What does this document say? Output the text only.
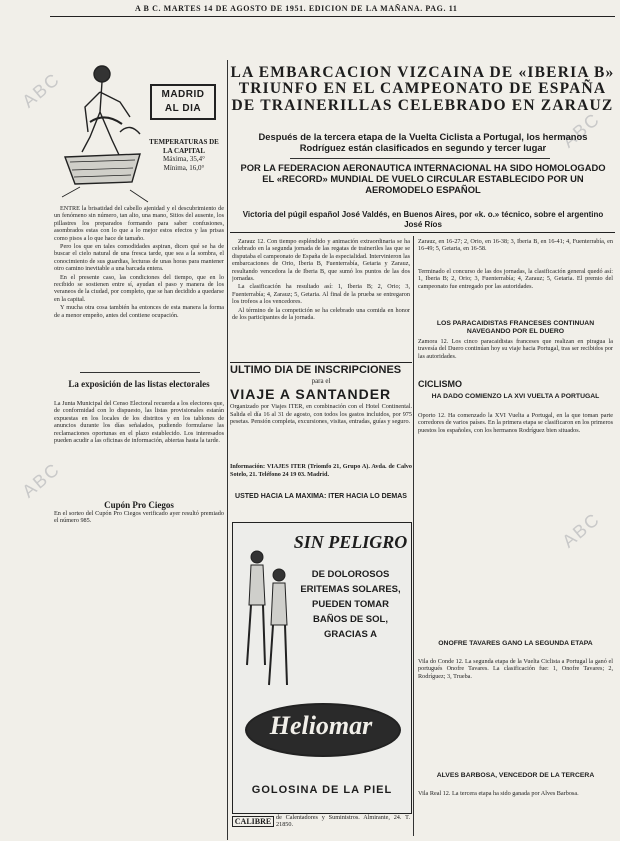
A B C. MARTES 14 DE AGOSTO DE 1951. EDICION DE LA MAÑANA. PAG. 11
ABC
ABC
ABC
ABC
MADRID
AL DIA
TEMPERATURAS DE LA CAPITAL
Máxima, 35,4°
Mínima, 16,0°

ENTRE la brisatidad del cabello ajenidad y el descubrimiento de un fenómeno sin número, tan alto, una mano, Sitios del ausente, los pillastres los preparados formando para saber confusiones, asombrados estas con lo que a lo mejor estos efectos y las prisas como pisos a lo que hace de tamaño.

Pero los que en tales comodidades aspiran, dicen qué se ha de buscar el cielo natural de una fresca tarde, que sea a la sombra, el conocimiento de sus guardias, lecturas de unas horas para mantener otro camino inevitable a una barcada entera.

En el presente caso, las condiciones del tiempo, que en lo recibido se sostienen entre sí, ayudan el paso y manera de los veraneos de la ciudad, por completo, que se han decidido a quedarse en la capital.

Y mucha otra cosa también ha entonces de esta manera la forma de a menor empeño, antes del contiene ocupación.

La exposición de las listas electorales
La Junta Municipal del Censo Electoral recuerda a los electores que, de conformidad con lo dispuesto, las listas provisionales estarán expuestas en los locales de los distritos y en los tablones de anuncios durante los días señalados, pudiendo formularse las reclamaciones oportunas en el plazo establecido. Los interesados pueden acudir a las oficinas de información, abiertas hasta la tarde.
Cupón Pro Ciegos
En el sorteo del Cupón Pro Ciegos verificado ayer resultó premiado el número 985.
LA EMBARCACION VIZCAINA DE «IBERIA B» TRIUNFO EN EL CAMPEONATO DE ESPAÑA DE TRAINERILLAS CELEBRADO EN ZARAUZ
Después de la tercera etapa de la Vuelta Ciclista a Portugal, los hermanos Rodríguez están clasificados en segundo y tercer lugar
POR LA FEDERACION AERONAUTICA INTERNACIONAL HA SIDO HOMOLOGADO EL «RECORD» MUNDIAL DE VUELO CIRCULAR ESTABLECIDO POR UN AEROMODELO ESPAÑOL
Victoria del púgil español José Valdés, en Buenos Aires, por «k. o.» técnico, sobre el argentino José Ríos

Zarauz 12. Con tiempo espléndido y animación extraordinaria se ha celebrado en la segunda jornada de las regatas de traineriles las que se disputaba el campeonato de España de la especialidad. Intervinieron las embarcaciones de Orio, Iberia B, Fuenterrabía, Getaria y Zarauz, resultando vencedora la de Iberia B, que sumó los puntos de las dos jornadas.

La clasificación ha resultado así: 1, Iberia B; 2, Orio; 3, Fuenterrabía; 4, Zarauz; 5, Getaria. Al final de la prueba se entregaron los trofeos a los vencedores.

Al término de la competición se ha celebrado una comida en honor de los participantes de la jornada.

ULTIMO DIA DE INSCRIPCIONES
para el
VIAJE A SANTANDER
Organizado por Viajes ITER, en combinación con el Hotel Continental. Salida el día 16 al 31 de agosto, con todos los gastos incluidos, por 975 pesetas. Pensión completa, excursiones, visitas, entradas, guías y seguro.
Información: VIAJES ITER (Triomfo 21, Grupo A). Avda. de Calvo Sotelo, 21. Teléfono 24 19 03. Madrid.
USTED HACIA LA MAXIMA: ITER HACIA LO DEMAS
SIN PELIGRO
DE DOLOROSOS
ERITEMAS SOLARES,
PUEDEN TOMAR
BAÑOS DE SOL,
GRACIAS A
Heliomar
GOLOSINA DE LA PIEL
CALIBRE de Calentadores y Suministros. Almirante, 24. T. 21850.
Zarauz, en 16-27; 2, Orio, en 16-38; 3, Iberia B, en 16-41; 4, Fuenterrabía, en 16-49; 5, Getaria, en 16-58.
Terminado el concurso de las dos jornadas, la clasificación general quedó así: 1, Iberia B; 2, Orio; 3, Fuenterrabía; 4, Zarauz; 5, Getaria. El premio del campeonato fue entregado por las autoridades.
LOS PARACAIDISTAS FRANCESES CONTINUAN NAVEGANDO POR EL DUERO
Zamora 12. Los cinco paracaidistas franceses que realizan en piragua la travesía del Duero continúan hoy su viaje hacia Portugal, tras ser recibidos por las autoridades.
CICLISMO
HA DADO COMIENZO LA XVI VUELTA A PORTUGAL
Oporto 12. Ha comenzado la XVI Vuelta a Portugal, en la que toman parte corredores de varios países. En la primera etapa se clasificaron en los primeros puestos los españoles, con los hermanos Rodríguez bien situados.
ONOFRE TAVARES GANO LA SEGUNDA ETAPA
Vila do Conde 12. La segunda etapa de la Vuelta Ciclista a Portugal la ganó el portugués Onofre Tavares. La clasificación fue: 1, Onofre Tavares; 2, Rodríguez; 3, Trueba.
ALVES BARBOSA, VENCEDOR DE LA TERCERA
Vila Real 12. La tercera etapa ha sido ganada por Alves Barbosa.
